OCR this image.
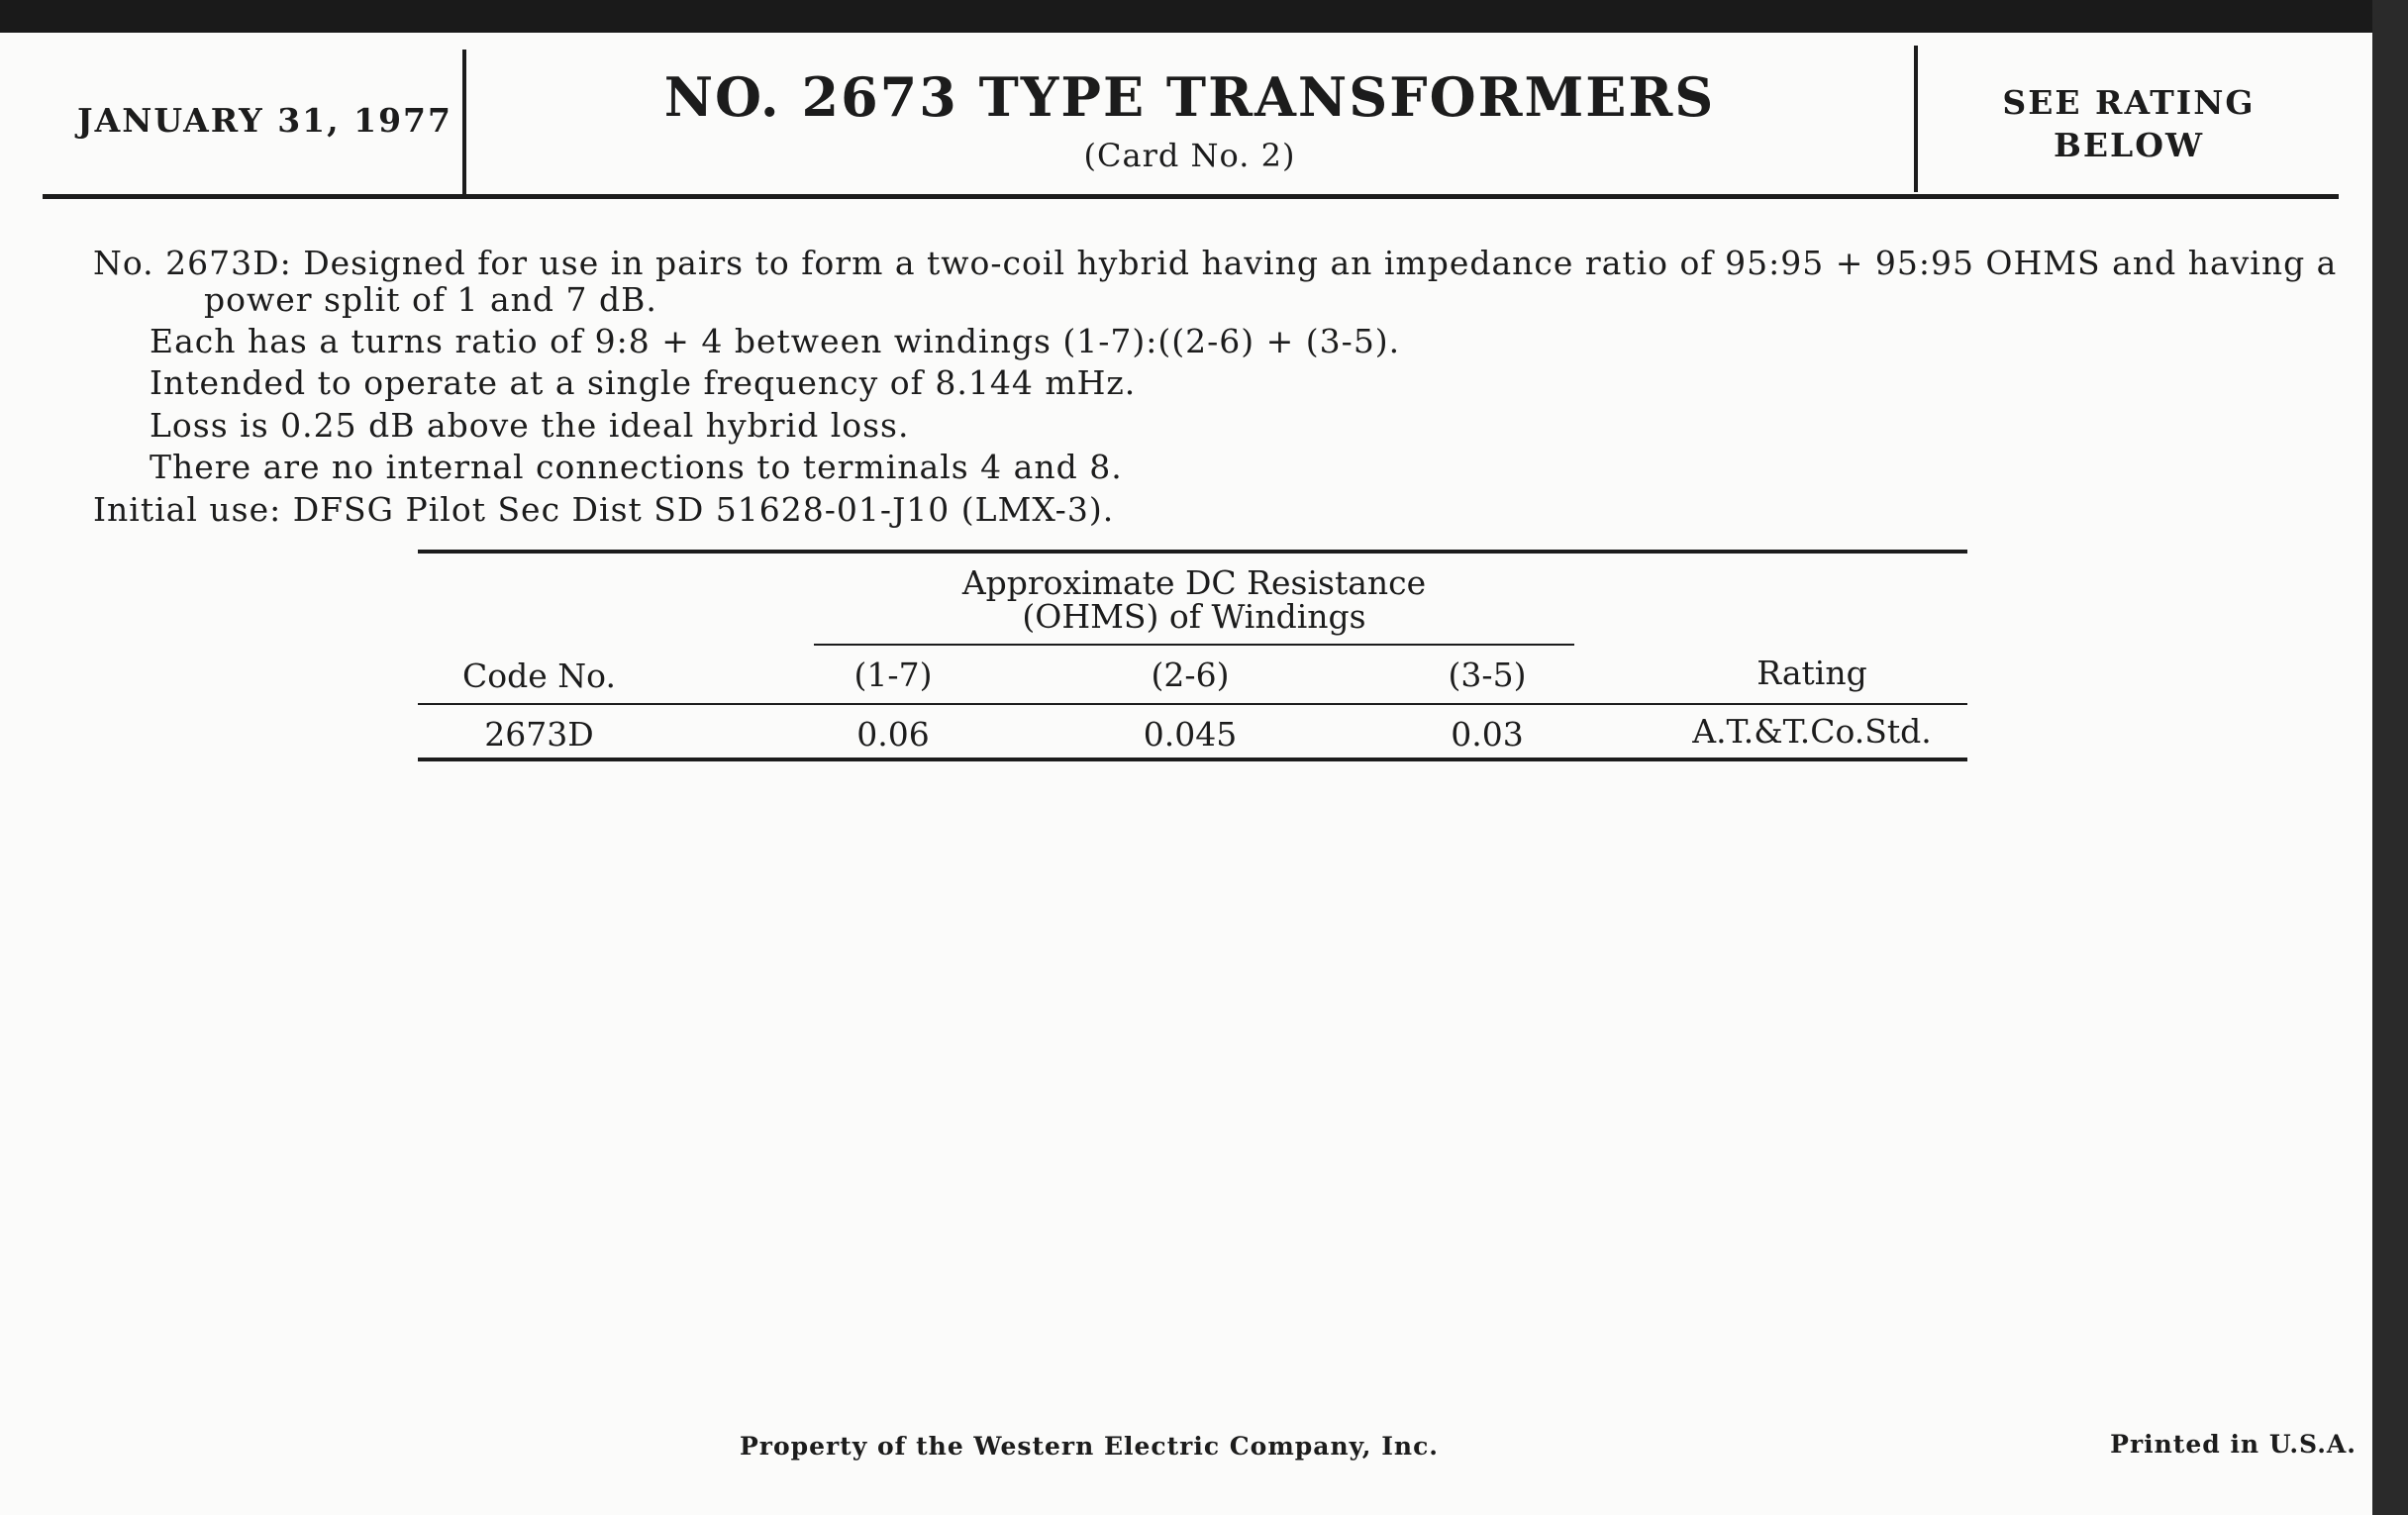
JANUARY 31, 1977	NO. 2673 TYPE TRANSFORMERS
(Card No. 2)
SEE RATING
BELOW
No. 2673D: Designed for use in pairs to form a two-coil hybrid having an impedance ratio of 95:95 + 95:95 OHMS and having a
power split of 1 and 7 dB.
Each has a turns ratio of 9:8 + 4 between windings (1-7):((2-6) + (3-5).
Intended to operate at a single frequency of 8.144 mHz.
Loss is 0.25 dB above the ideal hybrid loss.
There are no internal connections to terminals 4 and 8.
Initial use: DFSG Pilot Sec Dist SD 51628-01-J10 (LMX-3).
Approximate DC Resistance
(OHMS) of Windings
Code No.	(1-7)	(2-6)	(3-5)	Rating
2673D	0.06	0.045	0.03	A.T.&T.Co.Std.
Property of the Western Electric Company, Inc.	Printed in U.S.A.
